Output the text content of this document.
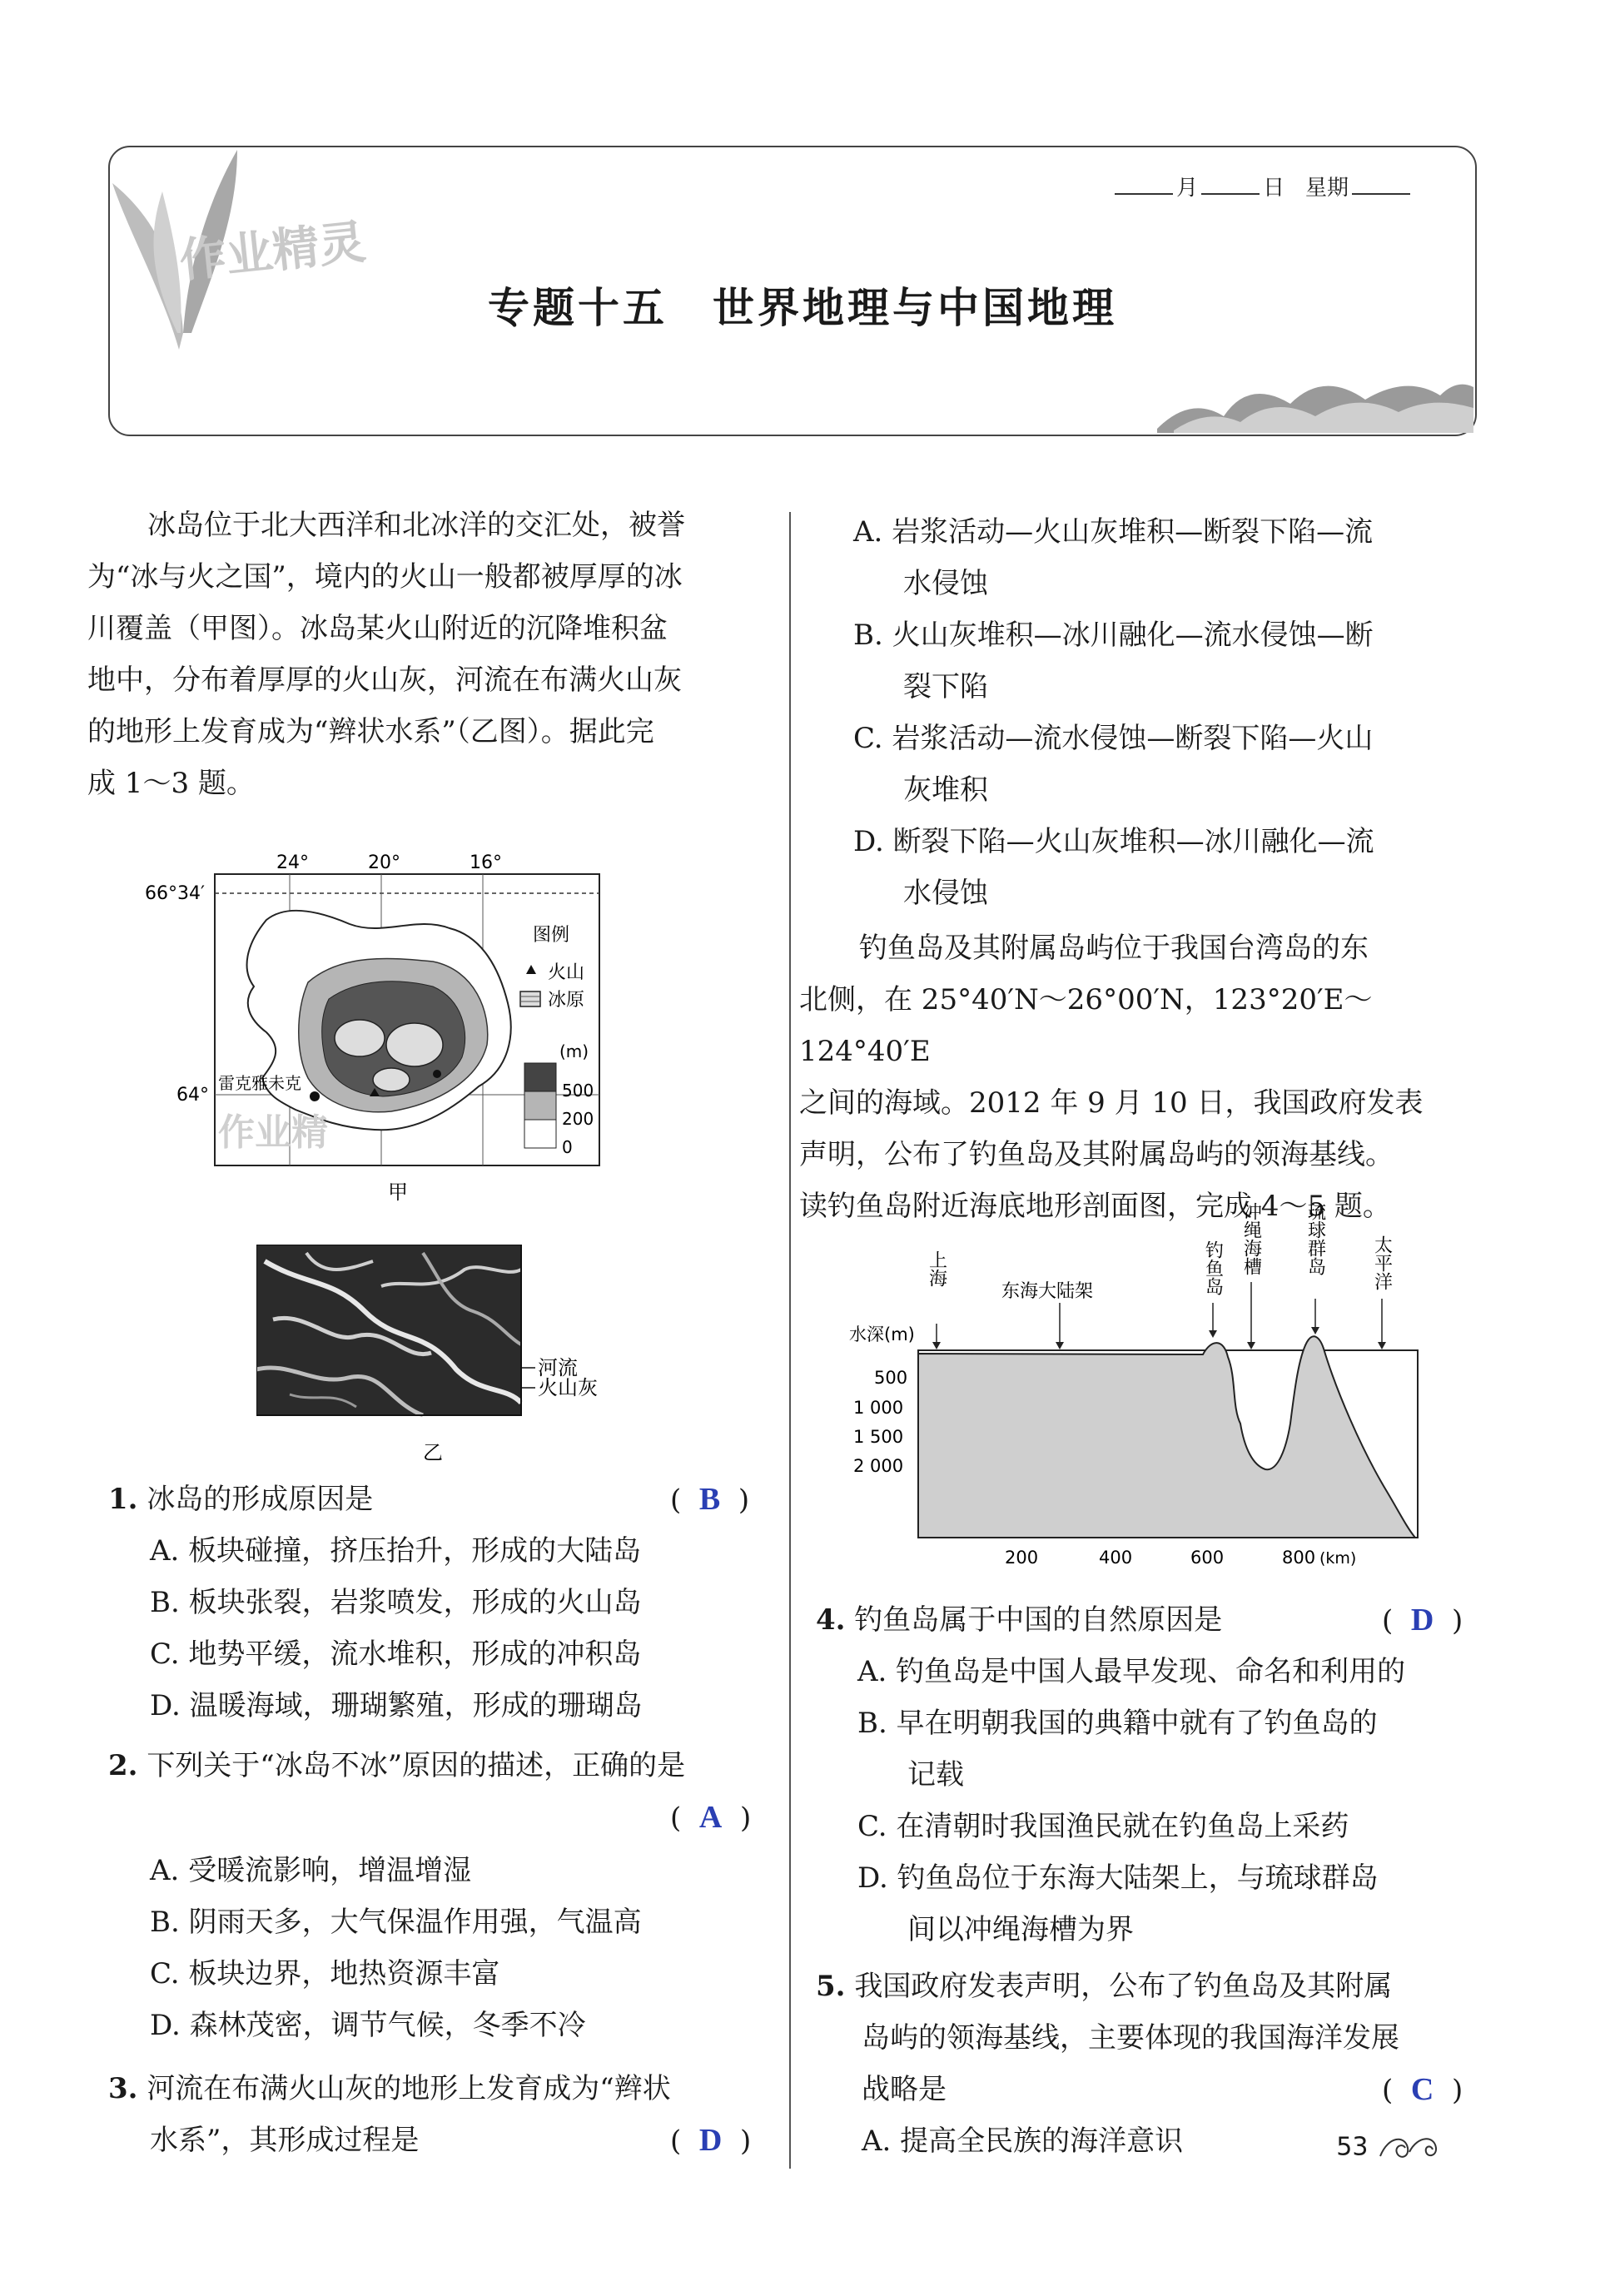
作业精灵
月	日 星期
专题十五　世界地理与中国地理
冰岛位于北大西洋和北冰洋的交汇处，被誉
为“冰与火之国”，境内的火山一般都被厚厚的冰
川覆盖（甲图）。冰岛某火山附近的沉降堆积盆
地中，分布着厚厚的火山灰，河流在布满火山灰
的地形上发育成为“辫状水系”（乙图）。据此完
成 1～3 题。
图例
火山
冰原
(m)
500
200
0
24°	20°	16°
66°34′
64°
雷克雅未克
作业精
甲
河流
火山灰
乙
1. 冰岛的形成原因是	(  B  )
A. 板块碰撞，挤压抬升，形成的大陆岛
B. 板块张裂，岩浆喷发，形成的火山岛
C. 地势平缓，流水堆积，形成的冲积岛
D. 温暖海域，珊瑚繁殖，形成的珊瑚岛
2. 下列关于“冰岛不冰”原因的描述，正确的是
(  A  )
A. 受暖流影响，增温增湿
B. 阴雨天多，大气保温作用强，气温高
C. 板块边界，地热资源丰富
D. 森林茂密，调节气候，冬季不冷
3. 河流在布满火山灰的地形上发育成为“辫状
水系”，其形成过程是	(  D  )
A. 岩浆活动—火山灰堆积—断裂下陷—流
水侵蚀
B. 火山灰堆积—冰川融化—流水侵蚀—断
裂下陷
C. 岩浆活动—流水侵蚀—断裂下陷—火山
灰堆积
D. 断裂下陷—火山灰堆积—冰川融化—流
水侵蚀
钓鱼岛及其附属岛屿位于我国台湾岛的东
北侧，在 25°40′N～26°00′N，123°20′E～124°40′E
之间的海域。2012 年 9 月 10 日，我国政府发表
声明，公布了钓鱼岛及其附属岛屿的领海基线。
读钓鱼岛附近海底地形剖面图，完成 4～5 题。
上海
东海大陆架	钓鱼岛 冲绳海槽 琉球群岛	太平洋
水深(m)
500
1 000
1 500
2 000
200	400	600	800 (km)
4. 钓鱼岛属于中国的自然原因是	(  D  )
A. 钓鱼岛是中国人最早发现、命名和利用的
B. 早在明朝我国的典籍中就有了钓鱼岛的
记载
C. 在清朝时我国渔民就在钓鱼岛上采药
D. 钓鱼岛位于东海大陆架上，与琉球群岛
间以冲绳海槽为界
5. 我国政府发表声明，公布了钓鱼岛及其附属
岛屿的领海基线，主要体现的我国海洋发展
战略是	(  C  )
A. 提高全民族的海洋意识	53
